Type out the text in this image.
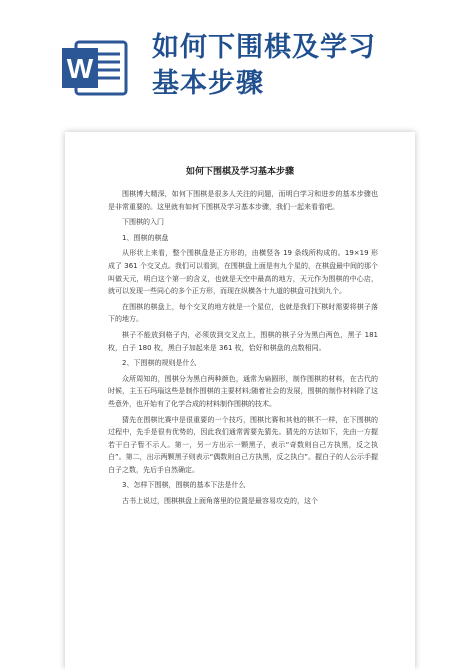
W
如何下围棋及学习
基本步骤
如何下围棋及学习基本步骤

围棋博大精深，如何下围棋是很多人关注的问题，而明白学习和进步的基本步骤也是非常重要的。这里就有如何下围棋及学习基本步骤，我们一起来看看吧。

下围棋的入门

1、围棋的棋盘

从形状上来看，整个围棋盘是正方形的，由横竖各 19 条线所构成的。19×19 形成了 361 个交叉点。我们可以看到，在围棋盘上面是有九个星的，在棋盘最中间的那个叫做天元，明白这个第一的含义，也就是天空中最高的地方，天元作为围棋的中心店，就可以发现一些同心的多个正方形，而现在纵横各十九道的棋盘可找到九个。

在围棋的棋盘上，每个交叉的地方就是一个星位，也就是我们下棋时需要将棋子落下的地方。

棋子不能放到格子内，必须放到交叉点上，围棋的棋子分为黑白两色，黑子 181 枚，白子 180 枚，黑白子加起来是 361 枚，恰好和棋盘的点数相同。

2、下围棋的规则是什么

众所周知的，围棋分为黑白两种颜色，通常为扁圆形，制作围棋的材料，在古代的时候，主玉石玛瑙这些是制作围棋的主要材料;随着社会的发展，围棋的制作材料除了这些意外，也开始有了化学合成的材料制作围棋的技术。

猜先在围棋比赛中是很重要的一个技巧，围棋比赛和其他的棋不一样，在下围棋的过程中，先手是很有优势的，因此我们通常需要先猜先。猜先的方法如下，先由一方握若干白子暂不示人。第一，另一方出示一颗黑子，表示“奇数则自己方执黑，反之执白”。第二，出示两颗黑子则表示“偶数则自己方执黑，反之执白”。握白子的人公示手握白子之数，先后手自然确定。

3、怎样下围棋，围棋的基本下法是什么

古书上说过，围棋棋盘上面角落里的位置是最容易攻克的，这个
